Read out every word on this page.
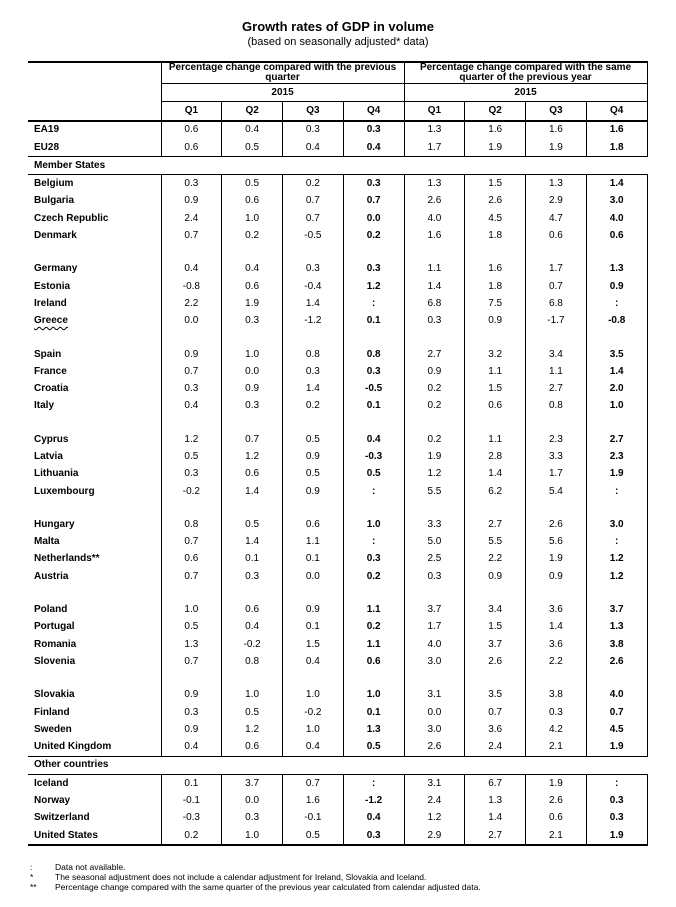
Growth rates of GDP in volume
(based on seasonally adjusted* data)
	Percentage change compared with the previous quarter				Percentage change compared with the same quarter of the previous year			
	2015				2015			
	Q1	Q2	Q3	Q4	Q1	Q2	Q3	Q4
EA19	0.6	0.4	0.3	0.3	1.3	1.6	1.6	1.6
EU28	0.6	0.5	0.4	0.4	1.7	1.9	1.9	1.8
Member States								
Belgium	0.3	0.5	0.2	0.3	1.3	1.5	1.3	1.4
Bulgaria	0.9	0.6	0.7	0.7	2.6	2.6	2.9	3.0
Czech Republic	2.4	1.0	0.7	0.0	4.0	4.5	4.7	4.0
Denmark	0.7	0.2	-0.5	0.2	1.6	1.8	0.6	0.6

Germany	0.4	0.4	0.3	0.3	1.1	1.6	1.7	1.3
Estonia	-0.8	0.6	-0.4	1.2	1.4	1.8	0.7	0.9
Ireland	2.2	1.9	1.4	:	6.8	7.5	6.8	:
Greece	0.0	0.3	-1.2	0.1	0.3	0.9	-1.7	-0.8

Spain	0.9	1.0	0.8	0.8	2.7	3.2	3.4	3.5
France	0.7	0.0	0.3	0.3	0.9	1.1	1.1	1.4
Croatia	0.3	0.9	1.4	-0.5	0.2	1.5	2.7	2.0
Italy	0.4	0.3	0.2	0.1	0.2	0.6	0.8	1.0

Cyprus	1.2	0.7	0.5	0.4	0.2	1.1	2.3	2.7
Latvia	0.5	1.2	0.9	-0.3	1.9	2.8	3.3	2.3
Lithuania	0.3	0.6	0.5	0.5	1.2	1.4	1.7	1.9
Luxembourg	-0.2	1.4	0.9	:	5.5	6.2	5.4	:

Hungary	0.8	0.5	0.6	1.0	3.3	2.7	2.6	3.0
Malta	0.7	1.4	1.1	:	5.0	5.5	5.6	:
Netherlands**	0.6	0.1	0.1	0.3	2.5	2.2	1.9	1.2
Austria	0.7	0.3	0.0	0.2	0.3	0.9	0.9	1.2

Poland	1.0	0.6	0.9	1.1	3.7	3.4	3.6	3.7
Portugal	0.5	0.4	0.1	0.2	1.7	1.5	1.4	1.3
Romania	1.3	-0.2	1.5	1.1	4.0	3.7	3.6	3.8
Slovenia	0.7	0.8	0.4	0.6	3.0	2.6	2.2	2.6

Slovakia	0.9	1.0	1.0	1.0	3.1	3.5	3.8	4.0
Finland	0.3	0.5	-0.2	0.1	0.0	0.7	0.3	0.7
Sweden	0.9	1.2	1.0	1.3	3.0	3.6	4.2	4.5
United Kingdom	0.4	0.6	0.4	0.5	2.6	2.4	2.1	1.9
Other countries								
Iceland	0.1	3.7	0.7	:	3.1	6.7	1.9	:
Norway	-0.1	0.0	1.6	-1.2	2.4	1.3	2.6	0.3
Switzerland	-0.3	0.3	-0.1	0.4	1.2	1.4	0.6	0.3
United States	0.2	1.0	0.5	0.3	2.9	2.7	2.1	1.9
:	Data not available.
*	The seasonal adjustment does not include a calendar adjustment for Ireland, Slovakia and Iceland.
** Percentage change compared with the same quarter of the previous year calculated from calendar adjusted data.
